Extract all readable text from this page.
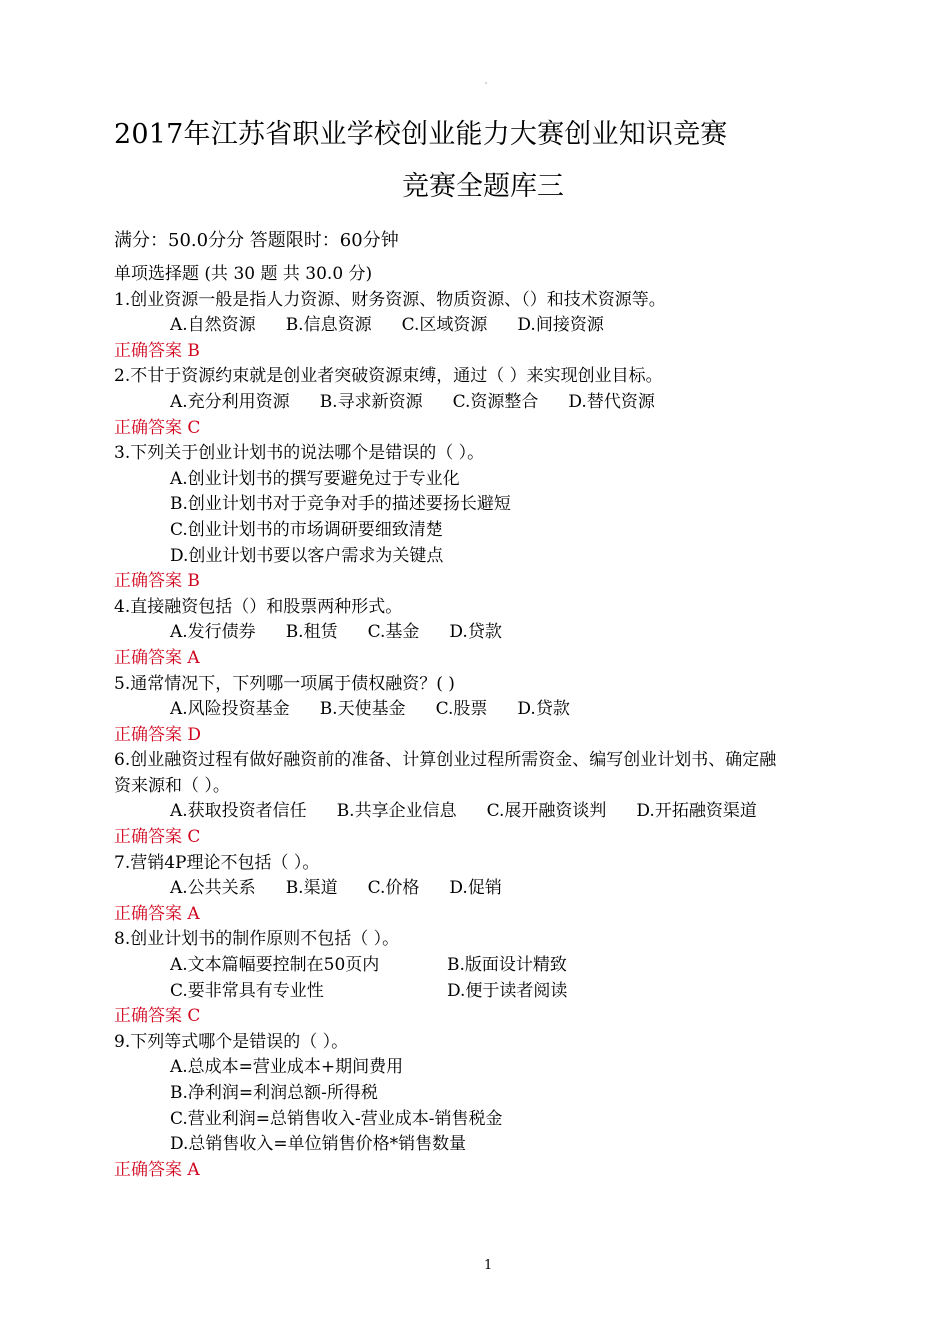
2017年江苏省职业学校创业能力大赛创业知识竞赛
竞赛全题库三
满分：50.0分分 答题限时：60分钟
单项选择题 (共 30 题 共 30.0 分)
1.创业资源一般是指人力资源、财务资源、物质资源、（）和技术资源等。
A.自然资源 B.信息资源 C.区域资源 D.间接资源
正确答案 B
2.不甘于资源约束就是创业者突破资源束缚，通过（ ）来实现创业目标。
A.充分利用资源 B.寻求新资源 C.资源整合 D.替代资源
正确答案 C
3.下列关于创业计划书的说法哪个是错误的（ ）。
A.创业计划书的撰写要避免过于专业化
B.创业计划书对于竞争对手的描述要扬长避短
C.创业计划书的市场调研要细致清楚
D.创业计划书要以客户需求为关键点
正确答案 B
4.直接融资包括（）和股票两种形式。
A.发行债券 B.租赁 C.基金 D.贷款
正确答案 A
5.通常情况下，下列哪一项属于债权融资？( )
A.风险投资基金 B.天使基金 C.股票 D.贷款
正确答案 D
6.创业融资过程有做好融资前的准备、计算创业过程所需资金、编写创业计划书、确定融
资来源和（ ）。
A.获取投资者信任 B.共享企业信息 C.展开融资谈判 D.开拓融资渠道
正确答案 C
7.营销4P理论不包括（ ）。
A.公共关系 B.渠道 C.价格 D.促销
正确答案 A
8.创业计划书的制作原则不包括（ ）。
A.文本篇幅要控制在50页内	B.版面设计精致
C.要非常具有专业性	D.便于读者阅读
正确答案 C
9.下列等式哪个是错误的（ ）。
A.总成本=营业成本+期间费用
B.净利润=利润总额-所得税
C.营业利润=总销售收入-营业成本-销售税金
D.总销售收入=单位销售价格*销售数量
正确答案 A
1
